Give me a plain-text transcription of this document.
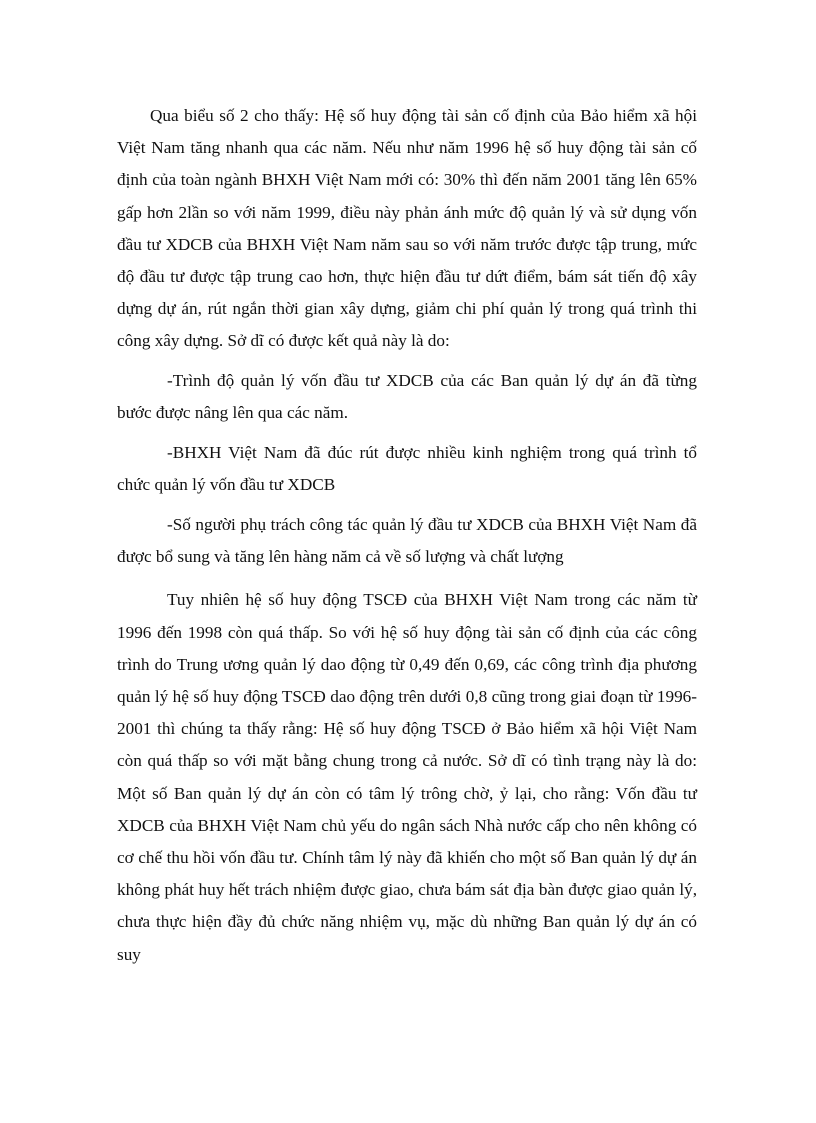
Qua biểu số 2 cho thấy: Hệ số huy động tài sản cố định của Bảo hiểm xã hội Việt Nam tăng nhanh qua các năm. Nếu như năm 1996 hệ số huy động tài sản cố định của toàn ngành BHXH Việt Nam mới có: 30% thì đến năm 2001 tăng lên 65% gấp hơn 2lần so với năm 1999, điều này phản ánh mức độ quản lý và sử dụng vốn đầu tư XDCB của BHXH Việt Nam năm sau so với năm trước được tập trung, mức độ đầu tư được tập trung cao hơn, thực hiện đầu tư dứt điểm, bám sát tiến độ xây dựng dự án, rút ngắn thời gian xây dựng, giảm chi phí quản lý trong quá trình thi công xây dựng. Sở dĩ có được kết quả này là do:

-Trình độ quản lý vốn đầu tư XDCB của các Ban quản lý dự án đã từng bước được nâng lên qua các năm.

-BHXH Việt Nam đã đúc rút được nhiều kinh nghiệm trong quá trình tổ chức quản lý vốn đầu tư XDCB

-Số người phụ trách công tác quản lý đầu tư XDCB của BHXH Việt Nam đã được bổ sung và tăng lên hàng năm cả về số lượng và chất lượng

Tuy nhiên hệ số huy động TSCĐ của BHXH Việt Nam trong các năm từ 1996 đến 1998 còn quá thấp. So với hệ số huy động tài sản cố định của các công trình do Trung ương quản lý dao động từ 0,49 đến 0,69, các công trình địa phương quản lý hệ số huy động TSCĐ dao động trên dưới 0,8 cũng trong giai đoạn từ 1996-2001 thì chúng ta thấy rằng: Hệ số huy động TSCĐ ở Bảo hiểm xã hội Việt Nam còn quá thấp so với mặt bằng chung trong cả nước. Sở dĩ có tình trạng này là do: Một số Ban quản lý dự án còn có tâm lý trông chờ, ỷ lại, cho rằng: Vốn đầu tư XDCB của BHXH Việt Nam chủ yếu do ngân sách Nhà nước cấp cho nên không có cơ chế thu hồi vốn đầu tư. Chính tâm lý này đã khiến cho một số Ban quản lý dự án không phát huy hết trách nhiệm được giao, chưa bám sát địa bàn được giao quản lý, chưa thực hiện đầy đủ chức năng nhiệm vụ, mặc dù những Ban quản lý dự án có suy
